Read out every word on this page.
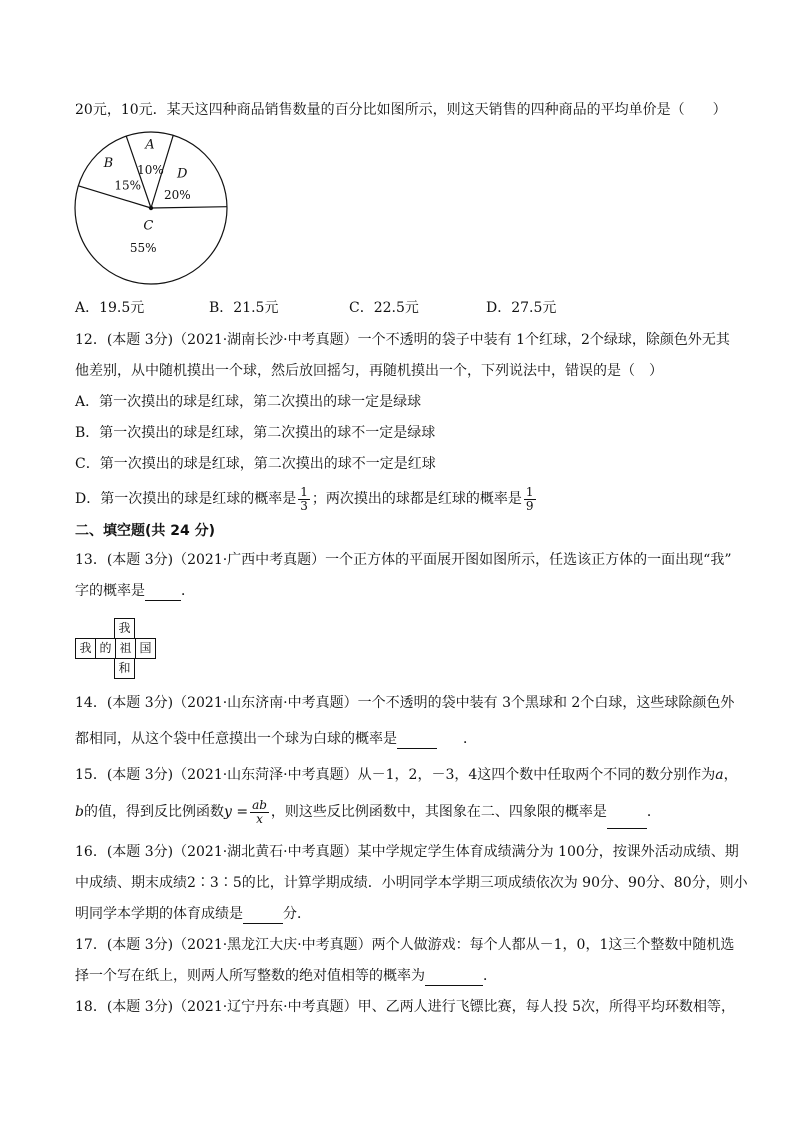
20元，10元．某天这四种商品销售数量的百分比如图所示，则这天销售的四种商品的平均单价是（　　）
A
10% D
20%
C
55%
B
15%
A．19.5元	B．21.5元	C．22.5元	D．27.5元
12．(本题 3分)（2021·湖南长沙·中考真题）一个不透明的袋子中装有 1个红球，2个绿球，除颜色外无其
他差别，从中随机摸出一个球，然后放回摇匀，再随机摸出一个，下列说法中，错误的是（　）
A．第一次摸出的球是红球，第二次摸出的球一定是绿球
B．第一次摸出的球是红球，第二次摸出的球不一定是绿球
C．第一次摸出的球是红球，第二次摸出的球不一定是红球
D．第一次摸出的球是红球的概率是 $\frac{1}{3}$ ；两次摸出的球都是红球的概率是 $\frac{1}{9}$
二、填空题(共 24 分)
13．(本题 3分)（2021·广西中考真题）一个正方体的平面展开图如图所示，任选该正方体的一面出现“我”
字的概率是	．
我
我 的 祖 国
和
14．(本题 3分)（2021·山东济南·中考真题）一个不透明的袋中装有 3个黑球和 2个白球，这些球除颜色外
都相同，从这个袋中任意摸出一个球为白球的概率是	．
15．(本题 3分)（2021·山东菏泽·中考真题）从－1，2，－3，4这四个数中任取两个不同的数分别作为a，
b的值，得到反比例函数$y = \frac{ab}{x}$ ，则这些反比例函数中，其图象在二、四象限的概率是	．
16．(本题 3分)（2021·湖北黄石·中考真题）某中学规定学生体育成绩满分为 100分，按课外活动成绩、期
中成绩、期末成绩2∶3∶5的比，计算学期成绩．小明同学本学期三项成绩依次为 90分、90分、80分，则小
明同学本学期的体育成绩是	分．
17．(本题 3分)（2021·黑龙江大庆·中考真题）两个人做游戏：每个人都从－1，0，1这三个整数中随机选
择一个写在纸上，则两人所写整数的绝对值相等的概率为	．
18．(本题 3分)（2021·辽宁丹东·中考真题）甲、乙两人进行飞镖比赛，每人投 5次，所得平均环数相等，
